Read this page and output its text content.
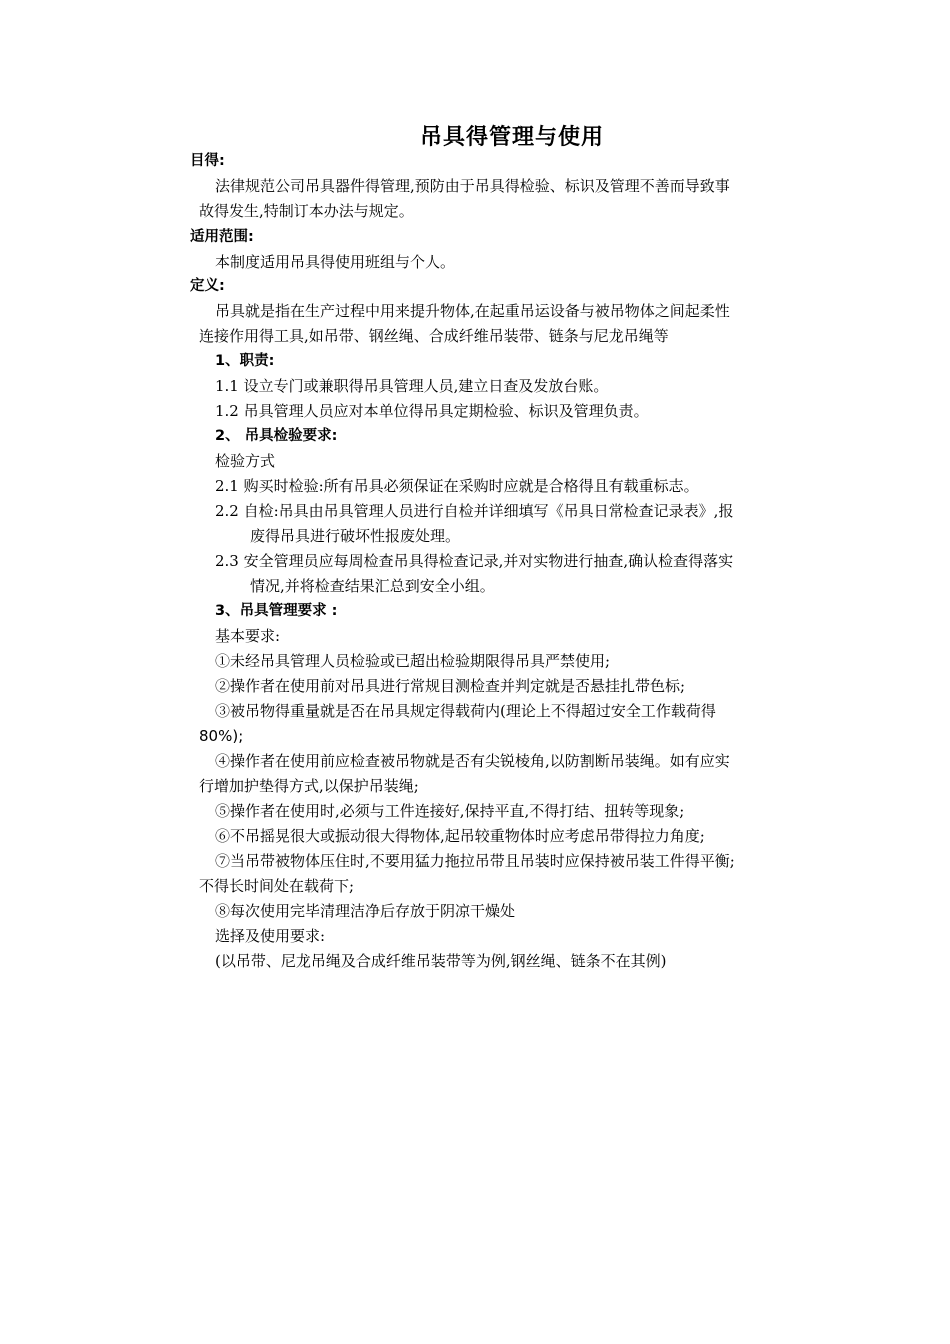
吊具得管理与使用
目得:
法律规范公司吊具器件得管理,预防由于吊具得检验、标识及管理不善而导致事
故得发生,特制订本办法与规定。
适用范围:
本制度适用吊具得使用班组与个人。
定义:
吊具就是指在生产过程中用来提升物体,在起重吊运设备与被吊物体之间起柔性
连接作用得工具,如吊带、钢丝绳、合成纤维吊装带、链条与尼龙吊绳等
1、职责:
1.1 设立专门或兼职得吊具管理人员,建立日查及发放台账。
1.2 吊具管理人员应对本单位得吊具定期检验、标识及管理负责。
2、 吊具检验要求:
检验方式
2.1 购买时检验:所有吊具必须保证在采购时应就是合格得且有载重标志。
2.2 自检:吊具由吊具管理人员进行自检并详细填写《吊具日常检查记录表》,报
废得吊具进行破坏性报废处理。
2.3 安全管理员应每周检查吊具得检查记录,并对实物进行抽查,确认检查得落实
情况,并将检查结果汇总到安全小组。
3、吊具管理要求 :
基本要求:
①未经吊具管理人员检验或已超出检验期限得吊具严禁使用;
②操作者在使用前对吊具进行常规目测检查并判定就是否悬挂扎带色标;
③被吊物得重量就是否在吊具规定得载荷内(理论上不得超过安全工作载荷得
80%);
④操作者在使用前应检查被吊物就是否有尖锐棱角,以防割断吊装绳。如有应实
行增加护垫得方式,以保护吊装绳;
⑤操作者在使用时,必须与工件连接好,保持平直,不得打结、扭转等现象;
⑥不吊摇晃很大或振动很大得物体,起吊较重物体时应考虑吊带得拉力角度;
⑦当吊带被物体压住时,不要用猛力拖拉吊带且吊装时应保持被吊装工件得平衡;
不得长时间处在载荷下;
⑧每次使用完毕清理洁净后存放于阴凉干燥处
选择及使用要求:
(以吊带、尼龙吊绳及合成纤维吊装带等为例,钢丝绳、链条不在其例)
